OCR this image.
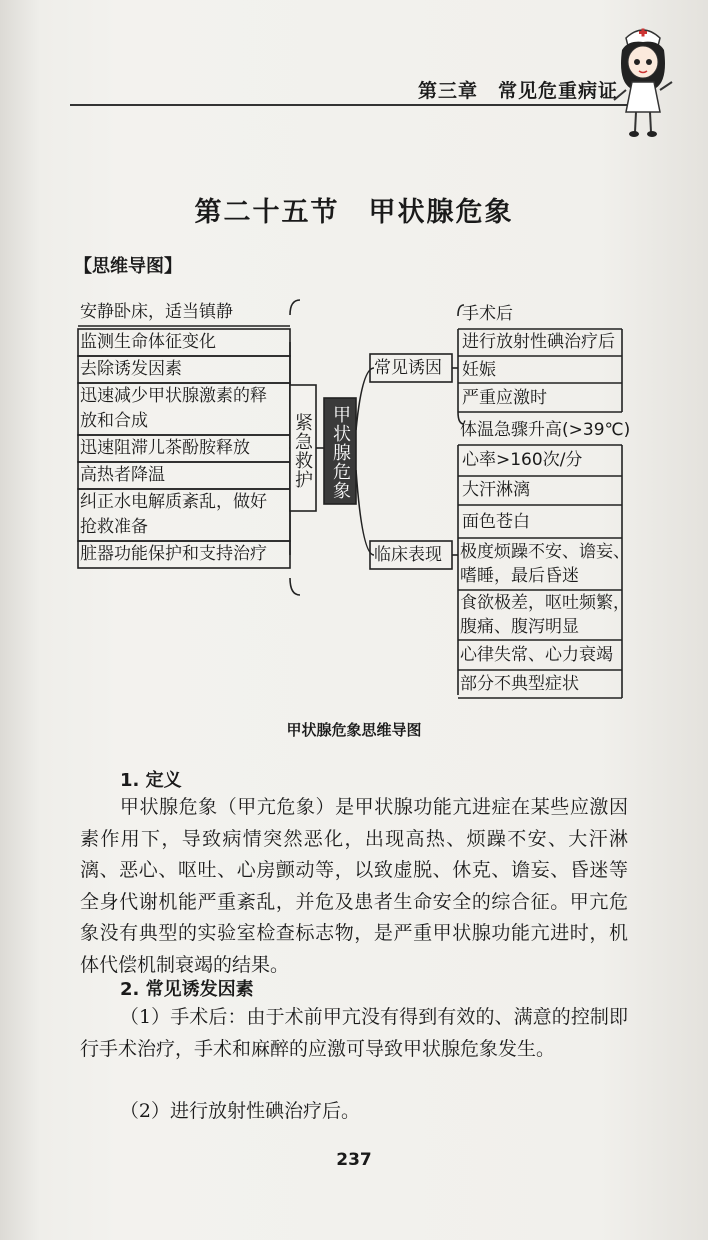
第三章　常见危重病证
第二十五节　甲状腺危象
【思维导图】
安静卧床，适当镇静
监测生命体征变化
去除诱发因素
迅速减少甲状腺激素的释
放和合成
迅速阻滞儿茶酚胺释放
高热者降温
纠正水电解质紊乱，做好
抢救准备
脏器功能保护和支持治疗
紧急救护 甲状腺危象
常见诱因
临床表现
手术后
进行放射性碘治疗后
妊娠
严重应激时
体温急骤升高(>39℃)
心率>160次/分
大汗淋漓
面色苍白
极度烦躁不安、谵妄、
嗜睡，最后昏迷
食欲极差，呕吐频繁，
腹痛、腹泻明显
心律失常、心力衰竭
部分不典型症状
甲状腺危象思维导图
1. 定义
甲状腺危象（甲亢危象）是甲状腺功能亢进症在某些应激因素作用下，导致病情突然恶化，出现高热、烦躁不安、大汗淋漓、恶心、呕吐、心房颤动等，以致虚脱、休克、谵妄、昏迷等全身代谢机能严重紊乱，并危及患者生命安全的综合征。甲亢危象没有典型的实验室检查标志物，是严重甲状腺功能亢进时，机体代偿机制衰竭的结果。
2. 常见诱发因素
（1）手术后：由于术前甲亢没有得到有效的、满意的控制即行手术治疗，手术和麻醉的应激可导致甲状腺危象发生。
（2）进行放射性碘治疗后。
237
